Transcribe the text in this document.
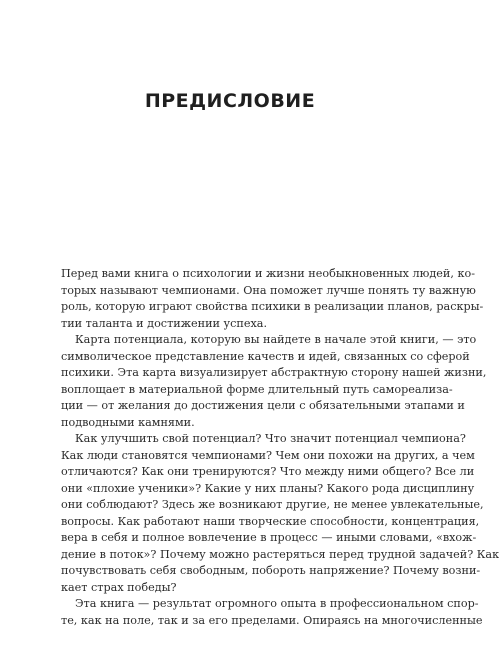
ПРЕДИСЛОВИЕ
Перед вами книга о психологии и жизни необыкновенных людей, ко-
торых называют чемпионами. Она поможет лучше понять ту важную
роль, которую играют свойства психики в реализации планов, раскры-
тии таланта и достижении успеха.
Карта потенциала, которую вы найдете в начале этой книги, — это
символическое представление качеств и идей, связанных со сферой
психики. Эта карта визуализирует абстрактную сторону нашей жизни,
воплощает в материальной форме длительный путь самореализа-
ции — от желания до достижения цели с обязательными этапами и
подводными камнями.
Как улучшить свой потенциал? Что значит потенциал чемпиона?
Как люди становятся чемпионами? Чем они похожи на других, а чем
отличаются? Как они тренируются? Что между ними общего? Все ли
они «плохие ученики»? Какие у них планы? Какого рода дисциплину
они соблюдают? Здесь же возникают другие, не менее увлекательные,
вопросы. Как работают наши творческие способности, концентрация,
вера в себя и полное вовлечение в процесс — иными словами, «вхож-
дение в поток»? Почему можно растеряться перед трудной задачей? Как
почувствовать себя свободным, побороть напряжение? Почему возни-
кает страх победы?
Эта книга — результат огромного опыта в профессиональном спор-
те, как на поле, так и за его пределами. Опираясь на многочисленные
